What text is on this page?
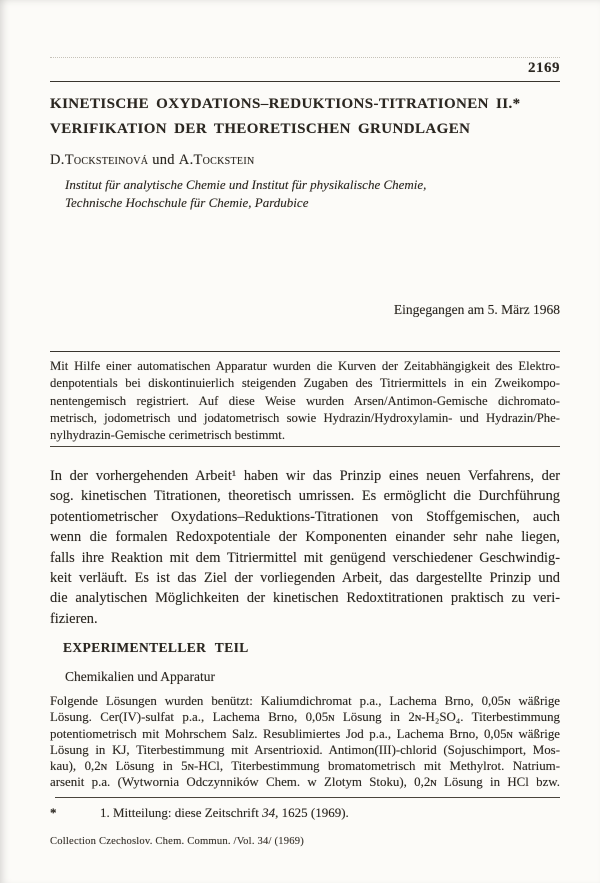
2169
KINETISCHE OXYDATIONS–REDUKTIONS-TITRATIONEN II.*
VERIFIKATION DER THEORETISCHEN GRUNDLAGEN
D.Tocksteinová und A.Tockstein
Institut für analytische Chemie und Institut für physikalische Chemie,
Technische Hochschule für Chemie, Pardubice
Eingegangen am 5. März 1968
Mit Hilfe einer automatischen Apparatur wurden die Kurven der Zeitabhängigkeit des Elektro-
denpotentials bei diskontinuierlich steigenden Zugaben des Titriermittels in ein Zweikompo-
nentengemisch registriert. Auf diese Weise wurden Arsen/Antimon-Gemische dichromato-
metrisch, jodometrisch und jodatometrisch sowie Hydrazin/Hydroxylamin- und Hydrazin/Phe-
nylhydrazin-Gemische cerimetrisch bestimmt.
In der vorhergehenden Arbeit¹ haben wir das Prinzip eines neuen Verfahrens, der
sog. kinetischen Titrationen, theoretisch umrissen. Es ermöglicht die Durchführung
potentiometrischer Oxydations–Reduktions-Titrationen von Stoffgemischen, auch
wenn die formalen Redoxpotentiale der Komponenten einander sehr nahe liegen,
falls ihre Reaktion mit dem Titriermittel mit genügend verschiedener Geschwindig-
keit verläuft. Es ist das Ziel der vorliegenden Arbeit, das dargestellte Prinzip und
die analytischen Möglichkeiten der kinetischen Redoxtitrationen praktisch zu veri-
fizieren.
EXPERIMENTELLER TEIL
Chemikalien und Apparatur
Folgende Lösungen wurden benützt: Kaliumdichromat p.a., Lachema Brno, 0,05ɴ wäßrige
Lösung. Cer(IV)-sulfat p.a., Lachema Brno, 0,05ɴ Lösung in 2ɴ-H₂SO₄. Titerbestimmung
potentiometrisch mit Mohrschem Salz. Resublimiertes Jod p.a., Lachema Brno, 0,05ɴ wäßrige
Lösung in KJ, Titerbestimmung mit Arsentrioxid. Antimon(III)-chlorid (Sojuschimport, Mos-
kau), 0,2ɴ Lösung in 5ɴ-HCl, Titerbestimmung bromatometrisch mit Methylrot. Natrium-
arsenit p.a. (Wytwornia Odczynników Chem. w Zlotym Stoku), 0,2ɴ Lösung in HCl bzw.
*	1. Mitteilung: diese Zeitschrift 34, 1625 (1969).
Collection Czechoslov. Chem. Commun. /Vol. 34/ (1969)
